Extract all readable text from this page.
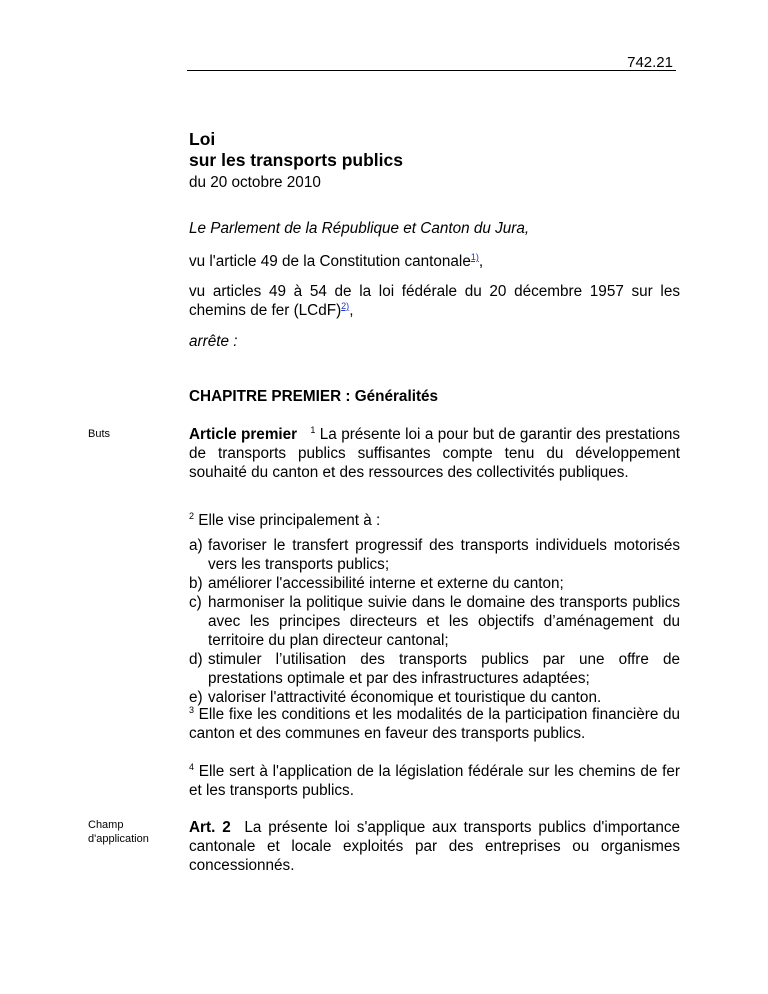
742.21
Loi
sur les transports publics
du 20 octobre 2010
Le Parlement de la République et Canton du Jura,
vu l'article 49 de la Constitution cantonale$^{1)}$,
vu articles 49 à 54 de la loi fédérale du 20 décembre 1957 sur les chemins de fer (LCdF)$^{2)}$,
arrête :
CHAPITRE PREMIER : Généralités
Buts	Article premier $^1$ La présente loi a pour but de garantir des prestations de transports publics suffisantes compte tenu du développement souhaité du canton et des ressources des collectivités publiques.
$^2$ Elle vise principalement à :
a) favoriser le transfert progressif des transports individuels motorisés vers les transports publics;
b) améliorer l'accessibilité interne et externe du canton;
c) harmoniser la politique suivie dans le domaine des transports publics avec les principes directeurs et les objectifs d’aménagement du territoire du plan directeur cantonal;
d) stimuler l’utilisation des transports publics par une offre de prestations optimale et par des infrastructures adaptées;
e) valoriser l'attractivité économique et touristique du canton.
$^3$ Elle fixe les conditions et les modalités de la participation financière du canton et des communes en faveur des transports publics.
$^4$ Elle sert à l'application de la législation fédérale sur les chemins de fer et les transports publics.
Champ
d'application
Art. 2 La présente loi s'applique aux transports publics d'importance cantonale et locale exploités par des entreprises ou organismes concessionnés.
